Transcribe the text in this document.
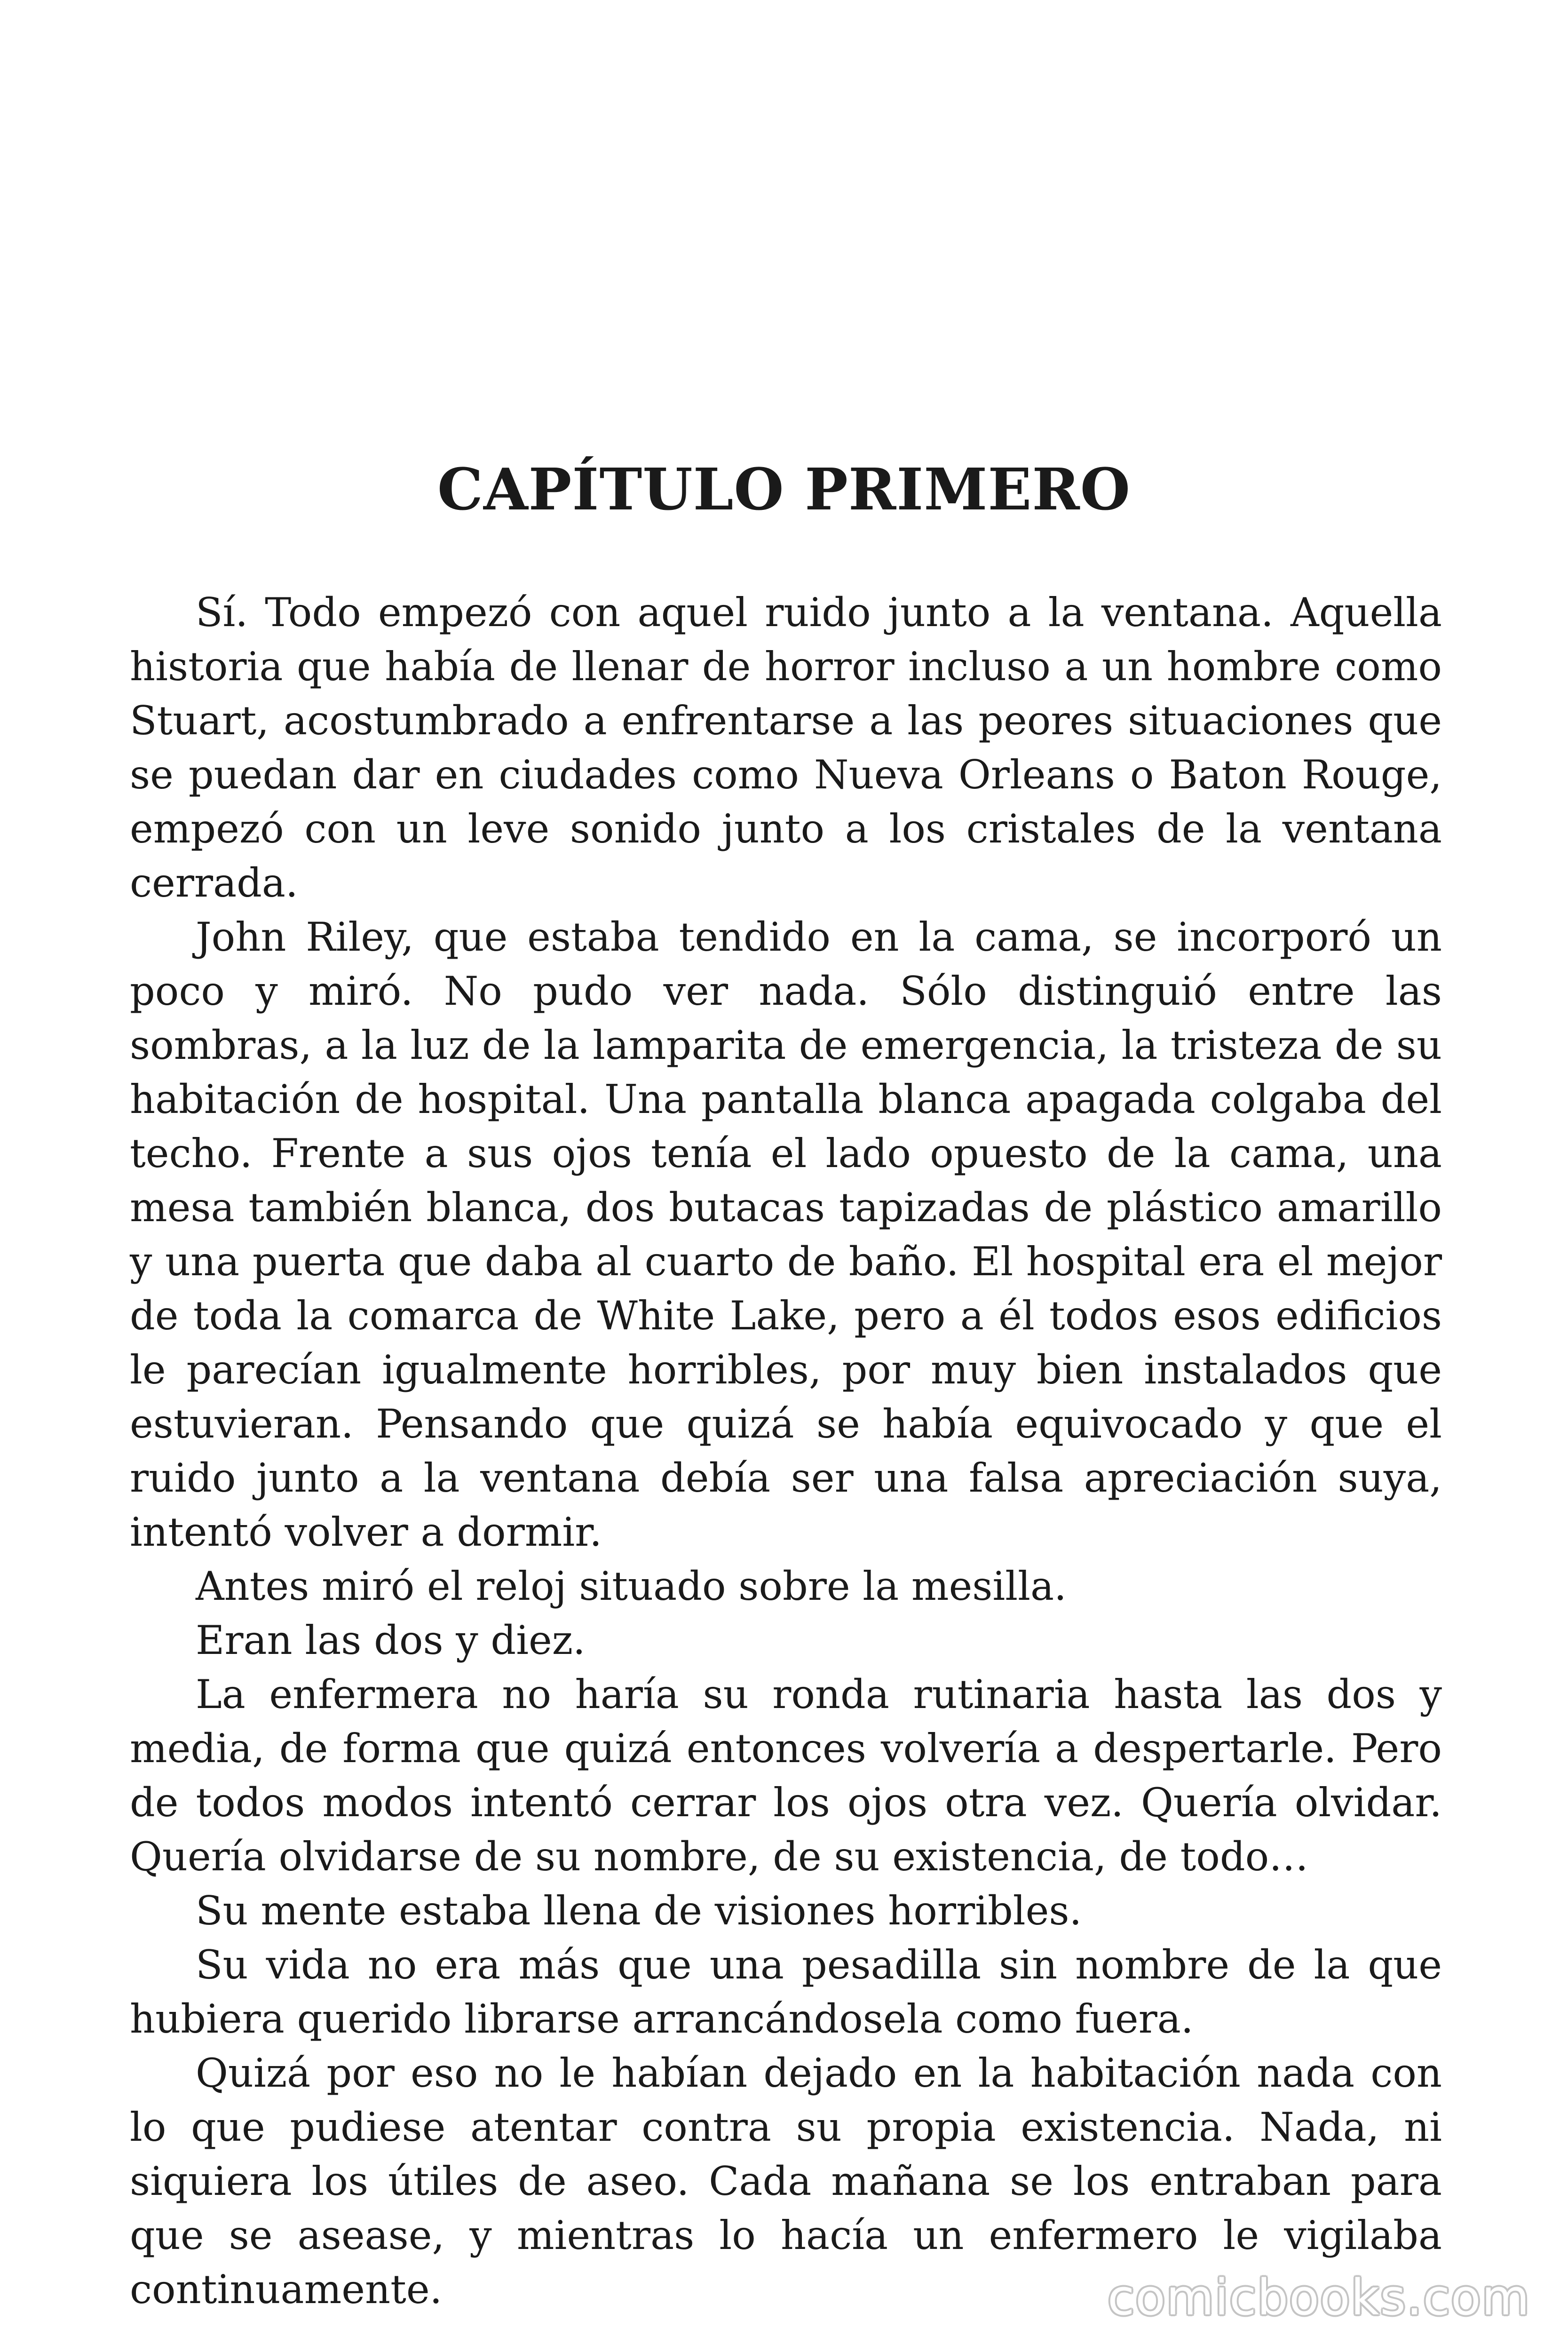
CAPÍTULO PRIMERO

Sí. Todo empezó con aquel ruido junto a la ventana. Aquella historia que había de llenar de horror incluso a un hombre como Stuart, acostumbrado a enfrentarse a las peores situaciones que se puedan dar en ciudades como Nueva Orleans o Baton Rouge, empezó con un leve sonido junto a los cristales de la ventana cerrada.

John Riley, que estaba tendido en la cama, se incorporó un poco y miró. No pudo ver nada. Sólo distinguió entre las sombras, a la luz de la lamparita de emergencia, la tristeza de su habitación de hospital. Una pantalla blanca apagada colgaba del techo. Frente a sus ojos tenía el lado opuesto de la cama, una mesa también blanca, dos butacas tapizadas de plástico amarillo y una puerta que daba al cuarto de baño. El hospital era el mejor de toda la comarca de White Lake, pero a él todos esos edificios le parecían igualmente horribles, por muy bien instalados que estuvieran. Pensando que quizá se había equivocado y que el ruido junto a la ventana debía ser una falsa apreciación suya, intentó volver a dormir.

Antes miró el reloj situado sobre la mesilla.

Eran las dos y diez.

La enfermera no haría su ronda rutinaria hasta las dos y media, de forma que quizá entonces volvería a despertarle. Pero de todos modos intentó cerrar los ojos otra vez. Quería olvidar. Quería olvidarse de su nombre, de su existencia, de todo…

Su mente estaba llena de visiones horribles.

Su vida no era más que una pesadilla sin nombre de la que hubiera querido librarse arrancándosela como fuera.

Quizá por eso no le habían dejado en la habitación nada con lo que pudiese atentar contra su propia existencia. Nada, ni siquiera los útiles de aseo. Cada mañana se los entraban para que se asease, y mientras lo hacía un enfermero le vigilaba continuamente.	comicbooks.com
